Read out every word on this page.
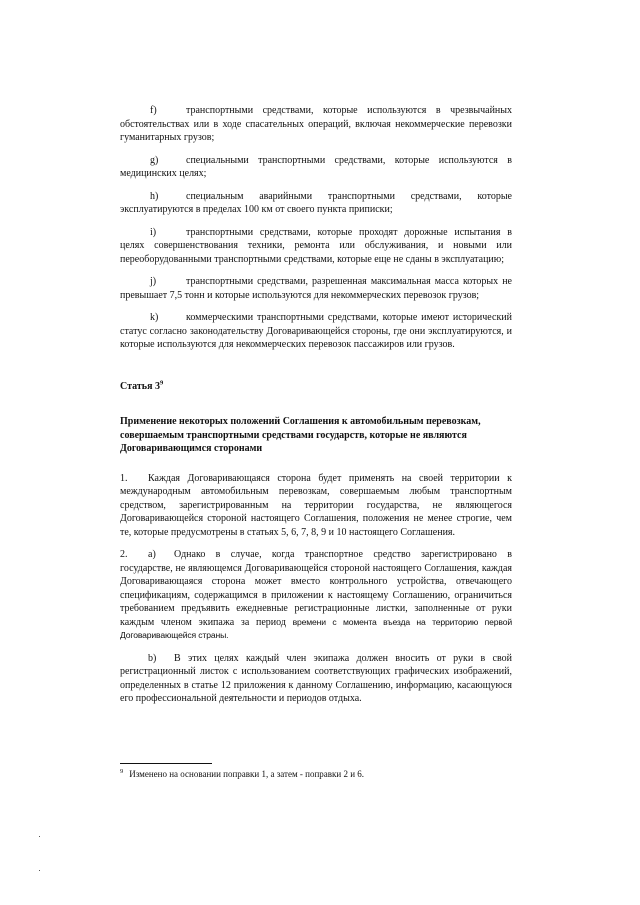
f)	транспортными средствами, которые используются в чрезвычайных обстоятельствах или в ходе спасательных операций, включая некоммерческие перевозки гуманитарных грузов;

g)	специальными транспортными средствами, которые используются в медицинских целях;

h)	специальным аварийными транспортными средствами, которые эксплуатируются в пределах 100 км от своего пункта приписки;

i)	транспортными средствами, которые проходят дорожные испытания в целях совершенствования техники, ремонта или обслуживания, и новыми или переоборудованными транспортными средствами, которые еще не сданы в эксплуатацию;

j)	транспортными средствами, разрешенная максимальная масса которых не превышает 7,5 тонн и которые используются для некоммерческих перевозок грузов;

k)	коммерческими транспортными средствами, которые имеют исторический статус согласно законодательству Договаривающейся стороны, где они эксплуатируются, и которые используются для некоммерческих перевозок пассажиров или грузов.

Статья $3^9$
Применение некоторых положений Соглашения к автомобильным перевозкам, совершаемым транспортными средствами государств, которые не являются Договаривающимся сторонами

1. Каждая Договаривающаяся сторона будет применять на своей территории к международным автомобильным перевозкам, совершаемым любым транспортным средством, зарегистрированным на территории государства, не являющегося Договаривающейся стороной настоящего Соглашения, положения не менее строгие, чем те, которые предусмотрены в статьях 5, 6, 7, 8, 9 и 10 настоящего Соглашения.

2. a) Однако в случае, когда транспортное средство зарегистрировано в государстве, не являющемся Договаривающейся стороной настоящего Соглашения, каждая Договаривающаяся сторона может вместо контрольного устройства, отвечающего спецификациям, содержащимся в приложении к настоящему Соглашению, ограничиться требованием предъявить ежедневные регистрационные листки, заполненные от руки каждым членом экипажа за период времени с момента въезда на территорию первой Договаривающейся страны.

b) В этих целях каждый член экипажа должен вносить от руки в свой регистрационный листок с использованием соответствующих графических изображений, определенных в статье 12 приложения к данному Соглашению, информацию, касающуюся его профессиональной деятельности и периодов отдыха.

$^9$ Изменено на основании поправки 1, а затем - поправки 2 и 6.
